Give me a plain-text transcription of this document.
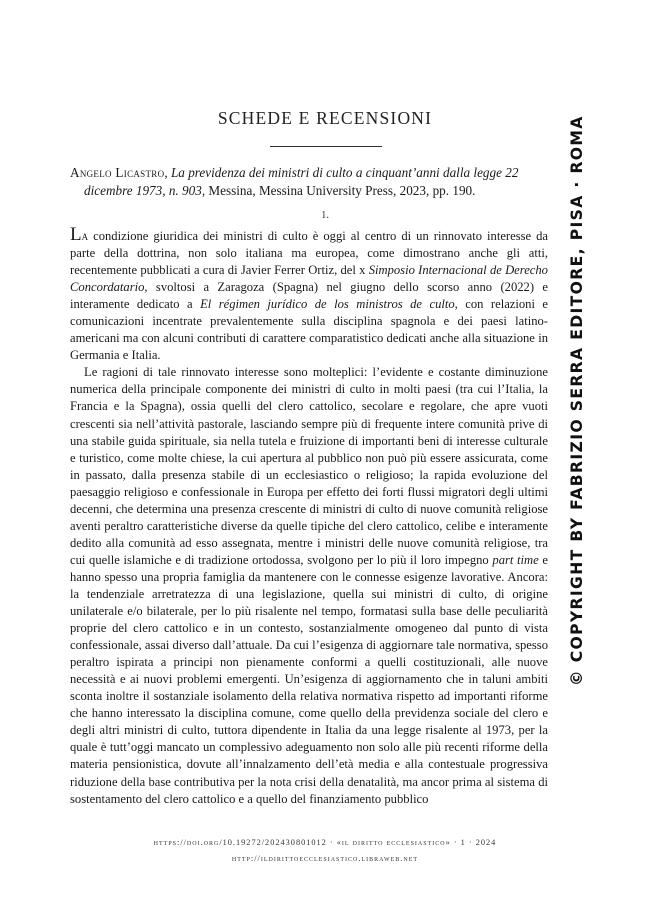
SCHEDE E RECENSIONI
Angelo Licastro, La previdenza dei ministri di culto a cinquant’anni dalla legge 22 dicembre 1973, n. 903, Messina, Messina University Press, 2023, pp. 190.
1.

La condizione giuridica dei ministri di culto è oggi al centro di un rinnovato interesse da parte della dottrina, non solo italiana ma europea, come dimostrano anche gli atti, recentemente pubblicati a cura di Javier Ferrer Ortiz, del x Simposio Internacional de Derecho Concordatario, svoltosi a Zaragoza (Spagna) nel giugno dello scorso anno (2022) e interamente dedicato a El régimen jurídico de los ministros de culto, con relazioni e comunicazioni incentrate prevalentemente sulla disciplina spagnola e dei paesi latino-americani ma con alcuni contributi di carattere comparatistico dedicati anche alla situazione in Germania e Italia.

Le ragioni di tale rinnovato interesse sono molteplici: l’evidente e costante diminuzione numerica della principale componente dei ministri di culto in molti paesi (tra cui l’Italia, la Francia e la Spagna), ossia quelli del clero cattolico, secolare e regolare, che apre vuoti crescenti sia nell’attività pastorale, lasciando sempre più di frequente intere comunità prive di una stabile guida spirituale, sia nella tutela e fruizione di importanti beni di interesse culturale e turistico, come molte chiese, la cui apertura al pubblico non può più essere assicurata, come in passato, dalla presenza stabile di un ecclesiastico o religioso; la rapida evoluzione del paesaggio religioso e confessionale in Europa per effetto dei forti flussi migratori degli ultimi decenni, che determina una presenza crescente di ministri di culto di nuove comunità religiose aventi peraltro caratteristiche diverse da quelle tipiche del clero cattolico, celibe e interamente dedito alla comunità ad esso assegnata, mentre i ministri delle nuove comunità religiose, tra cui quelle islamiche e di tradizione ortodossa, svolgono per lo più il loro impegno part time e hanno spesso una propria famiglia da mantenere con le connesse esigenze lavorative. Ancora: la tendenziale arretratezza di una legislazione, quella sui ministri di culto, di origine unilaterale e/o bilaterale, per lo più risalente nel tempo, formatasi sulla base delle peculiarità proprie del clero cattolico e in un contesto, sostanzialmente omogeneo dal punto di vista confessionale, assai diverso dall’attuale. Da cui l’esigenza di aggiornare tale normativa, spesso peraltro ispirata a principi non pienamente conformi a quelli costituzionali, alle nuove necessità e ai nuovi problemi emergenti. Un’esigenza di aggiornamento che in taluni ambiti sconta inoltre il sostanziale isolamento della relativa normativa rispetto ad importanti riforme che hanno interessato la disciplina comune, come quello della previdenza sociale del clero e degli altri ministri di culto, tuttora dipendente in Italia da una legge risalente al 1973, per la quale è tutt’oggi mancato un complessivo adeguamento non solo alle più recenti riforme della materia pensionistica, dovute all’innalzamento dell’età media e alla contestuale progressiva riduzione della base contributiva per la nota crisi della denatalità, ma ancor prima al sistema di sostentamento del clero cattolico e a quello del finanziamento pubblico

https://doi.org/10.19272/202430801012 · «il diritto ecclesiastico» · 1 · 2024
http://ildirittoecclesiastico.libraweb.net
© COPYRIGHT BY FABRIZIO SERRA EDITORE, PISA · ROMA
